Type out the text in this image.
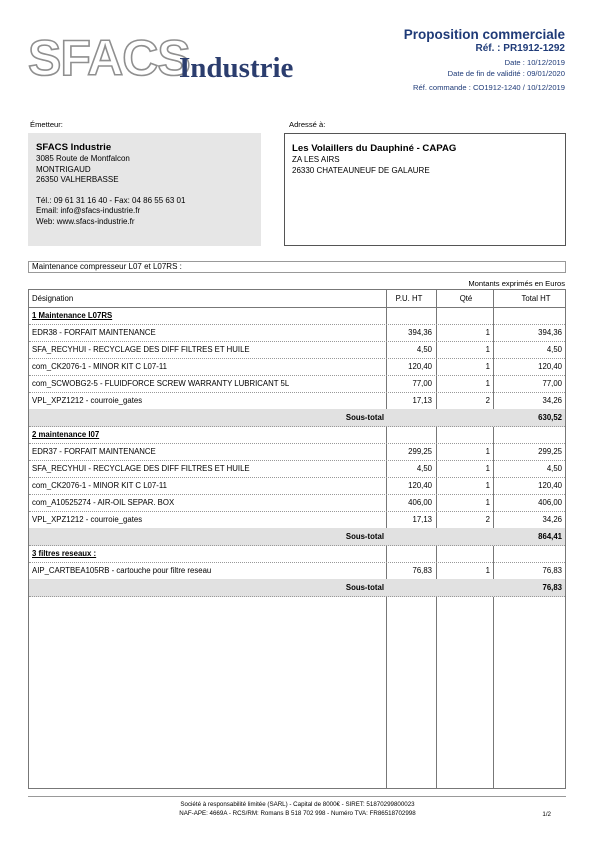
SFACS
Industrie
Proposition commerciale
Réf. : PR1912-1292
Date : 10/12/2019
Date de fin de validité : 09/01/2020
Réf. commande : CO1912-1240 / 10/12/2019
Émetteur:
SFACS Industrie
3085 Route de Montfalcon
MONTRIGAUD
26350 VALHERBASSE
Tél.: 09 61 31 16 40 - Fax: 04 86 55 63 01
Email: info@sfacs-industrie.fr
Web: www.sfacs-industrie.fr
Adressé à:
Les Volaillers du Dauphiné - CAPAG
ZA LES AIRS
26330 CHATEAUNEUF DE GALAURE
Maintenance compresseur L07 et L07RS :
Montants exprimés en Euros
Désignation	P.U. HT	Qté	Total HT
1 Maintenance L07RS
EDR38 - FORFAIT MAINTENANCE	394,36	1	394,36
SFA_RECYHUI - RECYCLAGE DES DIFF FILTRES ET HUILE	4,50	1	4,50
com_CK2076-1 - MINOR KIT C L07-11	120,40	1	120,40
com_SCWOBG2-5 - FLUIDFORCE SCREW WARRANTY LUBRICANT 5L	77,00	1	77,00
VPL_XPZ1212 - courroie_gates	17,13	2	34,26
Sous-total	630,52
2 maintenance l07
EDR37 - FORFAIT MAINTENANCE	299,25	1	299,25
SFA_RECYHUI - RECYCLAGE DES DIFF FILTRES ET HUILE	4,50	1	4,50
com_CK2076-1 - MINOR KIT C L07-11	120,40	1	120,40
com_A10525274 - AIR-OIL SEPAR. BOX	406,00	1	406,00
VPL_XPZ1212 - courroie_gates	17,13	2	34,26
Sous-total	864,41
3 filtres reseaux :
AIP_CARTBEA105RB - cartouche pour filtre reseau	76,83	1	76,83
Sous-total	76,83
Société à responsabilité limitée (SARL) - Capital de 8000€ - SIRET: 51870299800023
NAF-APE: 4669A - RCS/RM: Romans B 518 702 998 - Numéro TVA: FR86518702998	1/2
